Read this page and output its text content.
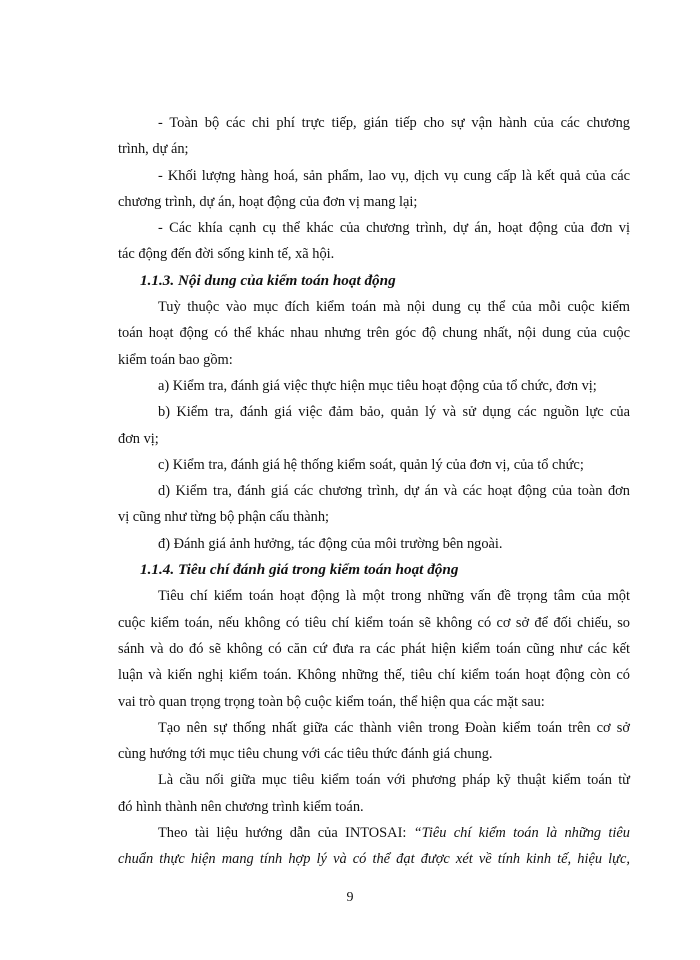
- Toàn bộ các chi phí trực tiếp, gián tiếp cho sự vận hành của các chương
trình, dự án;
- Khối lượng hàng hoá, sản phẩm, lao vụ, dịch vụ cung cấp là kết quả của các
chương trình, dự án, hoạt động của đơn vị mang lại;
- Các khía cạnh cụ thể khác của chương trình, dự án, hoạt động của đơn vị
tác động đến đời sống kinh tế, xã hội.
1.1.3. Nội dung của kiểm toán hoạt động
Tuỳ thuộc vào mục đích kiểm toán mà nội dung cụ thể của mỗi cuộc kiểm
toán hoạt động có thể khác nhau nhưng trên góc độ chung nhất, nội dung của cuộc
kiểm toán bao gồm:
a) Kiểm tra, đánh giá việc thực hiện mục tiêu hoạt động của tổ chức, đơn vị;
b) Kiểm tra, đánh giá việc đảm bảo, quản lý và sử dụng các nguồn lực của
đơn vị;
c) Kiểm tra, đánh giá hệ thống kiểm soát, quản lý của đơn vị, của tổ chức;
d) Kiểm tra, đánh giá các chương trình, dự án và các hoạt động của toàn đơn
vị cũng như từng bộ phận cấu thành;
đ) Đánh giá ảnh hưởng, tác động của môi trường bên ngoài.
1.1.4. Tiêu chí đánh giá trong kiểm toán hoạt động
Tiêu chí kiểm toán hoạt động là một trong những vấn đề trọng tâm của một
cuộc kiểm toán, nếu không có tiêu chí kiểm toán sẽ không có cơ sở để đối chiếu, so
sánh và do đó sẽ không có căn cứ đưa ra các phát hiện kiểm toán cũng như các kết
luận và kiến nghị kiểm toán. Không những thế, tiêu chí kiểm toán hoạt động còn có
vai trò quan trọng trọng toàn bộ cuộc kiểm toán, thể hiện qua các mặt sau:
Tạo nên sự thống nhất giữa các thành viên trong Đoàn kiểm toán trên cơ sở
cùng hướng tới mục tiêu chung với các tiêu thức đánh giá chung.
Là cầu nối giữa mục tiêu kiểm toán với phương pháp kỹ thuật kiểm toán từ
đó hình thành nên chương trình kiểm toán.
Theo tài liệu hướng dẫn của INTOSAI: “Tiêu chí kiểm toán là những tiêu
chuẩn thực hiện mang tính hợp lý và có thể đạt được xét về tính kinh tế, hiệu lực,
9
